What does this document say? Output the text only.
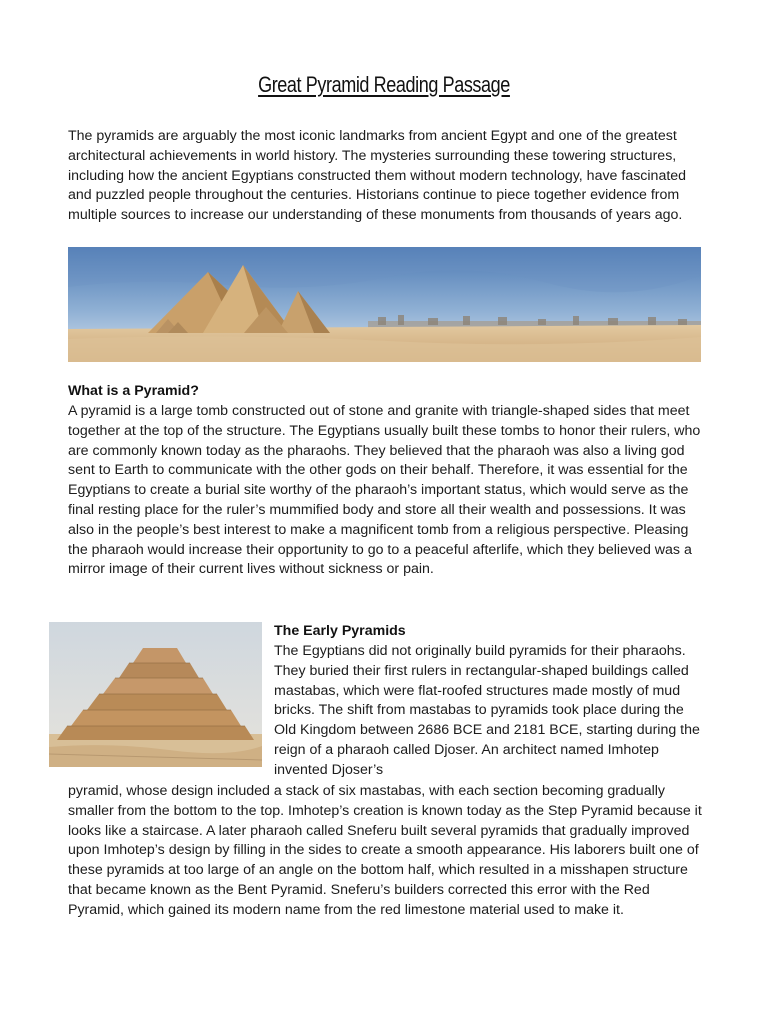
Great Pyramid Reading Passage

The pyramids are arguably the most iconic landmarks from ancient Egypt and one of the greatest architectural achievements in world history. The mysteries surrounding these towering structures, including how the ancient Egyptians constructed them without modern technology, have fascinated and puzzled people throughout the centuries. Historians continue to piece together evidence from multiple sources to increase our understanding of these monuments from thousands of years ago.

What is a Pyramid?

A pyramid is a large tomb constructed out of stone and granite with triangle-shaped sides that meet together at the top of the structure. The Egyptians usually built these tombs to honor their rulers, who are commonly known today as the pharaohs. They believed that the pharaoh was also a living god sent to Earth to communicate with the other gods on their behalf. Therefore, it was essential for the Egyptians to create a burial site worthy of the pharaoh’s important status, which would serve as the final resting place for the ruler’s mummified body and store all their wealth and possessions. It was also in the people’s best interest to make a magnificent tomb from a religious perspective. Pleasing the pharaoh would increase their opportunity to go to a peaceful afterlife, which they believed was a mirror image of their current lives without sickness or pain.

The Early Pyramids

The Egyptians did not originally build pyramids for their pharaohs. They buried their first rulers in rectangular-shaped buildings called mastabas, which were flat-roofed structures made mostly of mud bricks. The shift from mastabas to pyramids took place during the Old Kingdom between 2686 BCE and 2181 BCE, starting during the reign of a pharaoh called Djoser. An architect named Imhotep invented Djoser’s

pyramid, whose design included a stack of six mastabas, with each section becoming gradually smaller from the bottom to the top. Imhotep’s creation is known today as the Step Pyramid because it looks like a staircase. A later pharaoh called Sneferu built several pyramids that gradually improved upon Imhotep’s design by filling in the sides to create a smooth appearance. His laborers built one of these pyramids at too large of an angle on the bottom half, which resulted in a misshapen structure that became known as the Bent Pyramid. Sneferu’s builders corrected this error with the Red Pyramid, which gained its modern name from the red limestone material used to make it.
